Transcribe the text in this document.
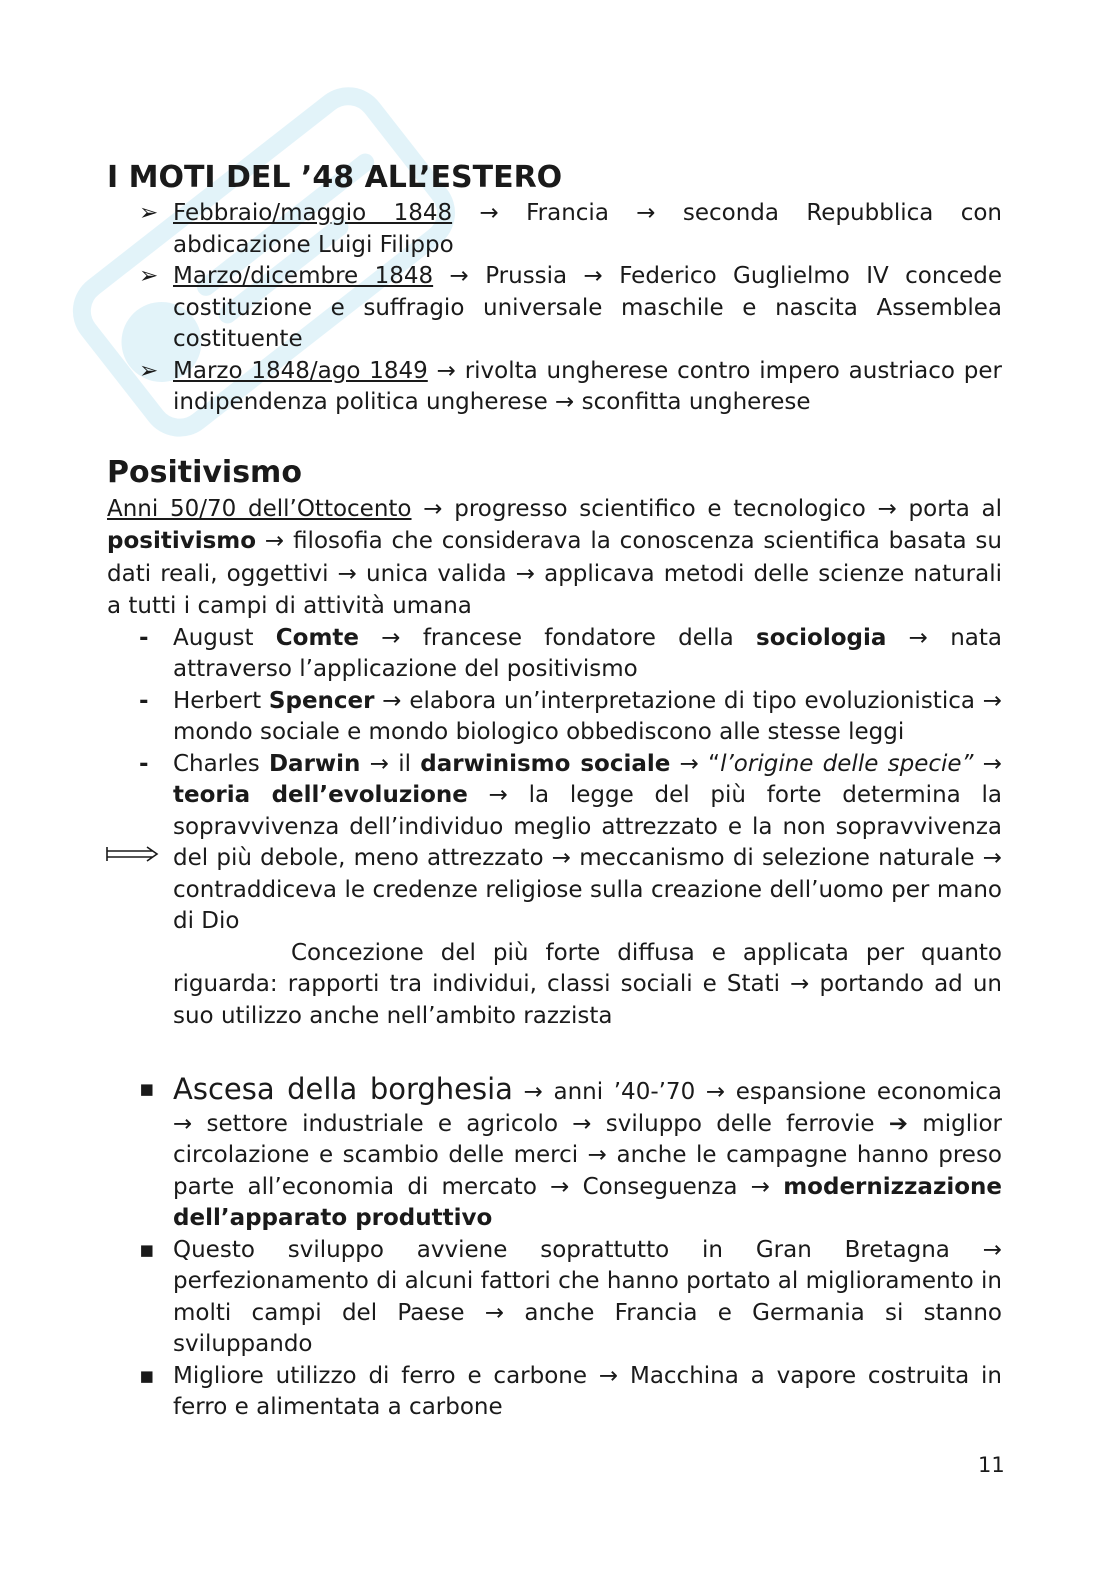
I MOTI DEL ’48 ALL’ESTERO
➢ Febbraio/maggio 1848 → Francia → seconda Repubblica con abdicazione Luigi Filippo
➢ Marzo/dicembre 1848 → Prussia → Federico Guglielmo IV concede costituzione e suffragio universale maschile e nascita Assemblea costituente
➢ Marzo 1848/ago 1849 → rivolta ungherese contro impero austriaco per indipendenza politica ungherese → sconfitta ungherese
Positivismo

Anni 50/70 dell’Ottocento → progresso scientifico e tecnologico → porta al positivismo → filosofia che considerava la conoscenza scientifica basata su dati reali, oggettivi → unica valida → applicava metodi delle scienze naturali a tutti i campi di attività umana

- August Comte → francese fondatore della sociologia → nata attraverso l’applicazione del positivismo
- Herbert Spencer → elabora un’interpretazione di tipo evoluzionistica → mondo sociale e mondo biologico obbediscono alle stesse leggi
- Charles Darwin → il darwinismo sociale → “l’origine delle specie” → teoria dell’evoluzione → la legge del più forte determina la sopravvivenza dell’individuo meglio attrezzato e la non sopravvivenza del più debole, meno attrezzato → meccanismo di selezione naturale → contraddiceva le credenze religiose sulla creazione dell’uomo per mano di Dio
Concezione del più forte diffusa e applicata per quanto riguarda: rapporti tra individui, classi sociali e Stati → portando ad un suo utilizzo anche nell’ambito razzista
▪ Ascesa della borghesia → anni ’40-’70 → espansione economica → settore industriale e agricolo → sviluppo delle ferrovie ➔ miglior circolazione e scambio delle merci → anche le campagne hanno preso parte all’economia di mercato → Conseguenza → modernizzazione dell’apparato produttivo
▪ Questo sviluppo avviene soprattutto in Gran Bretagna → perfezionamento di alcuni fattori che hanno portato al miglioramento in molti campi del Paese → anche Francia e Germania si stanno sviluppando
▪ Migliore utilizzo di ferro e carbone → Macchina a vapore costruita in ferro e alimentata a carbone
11
